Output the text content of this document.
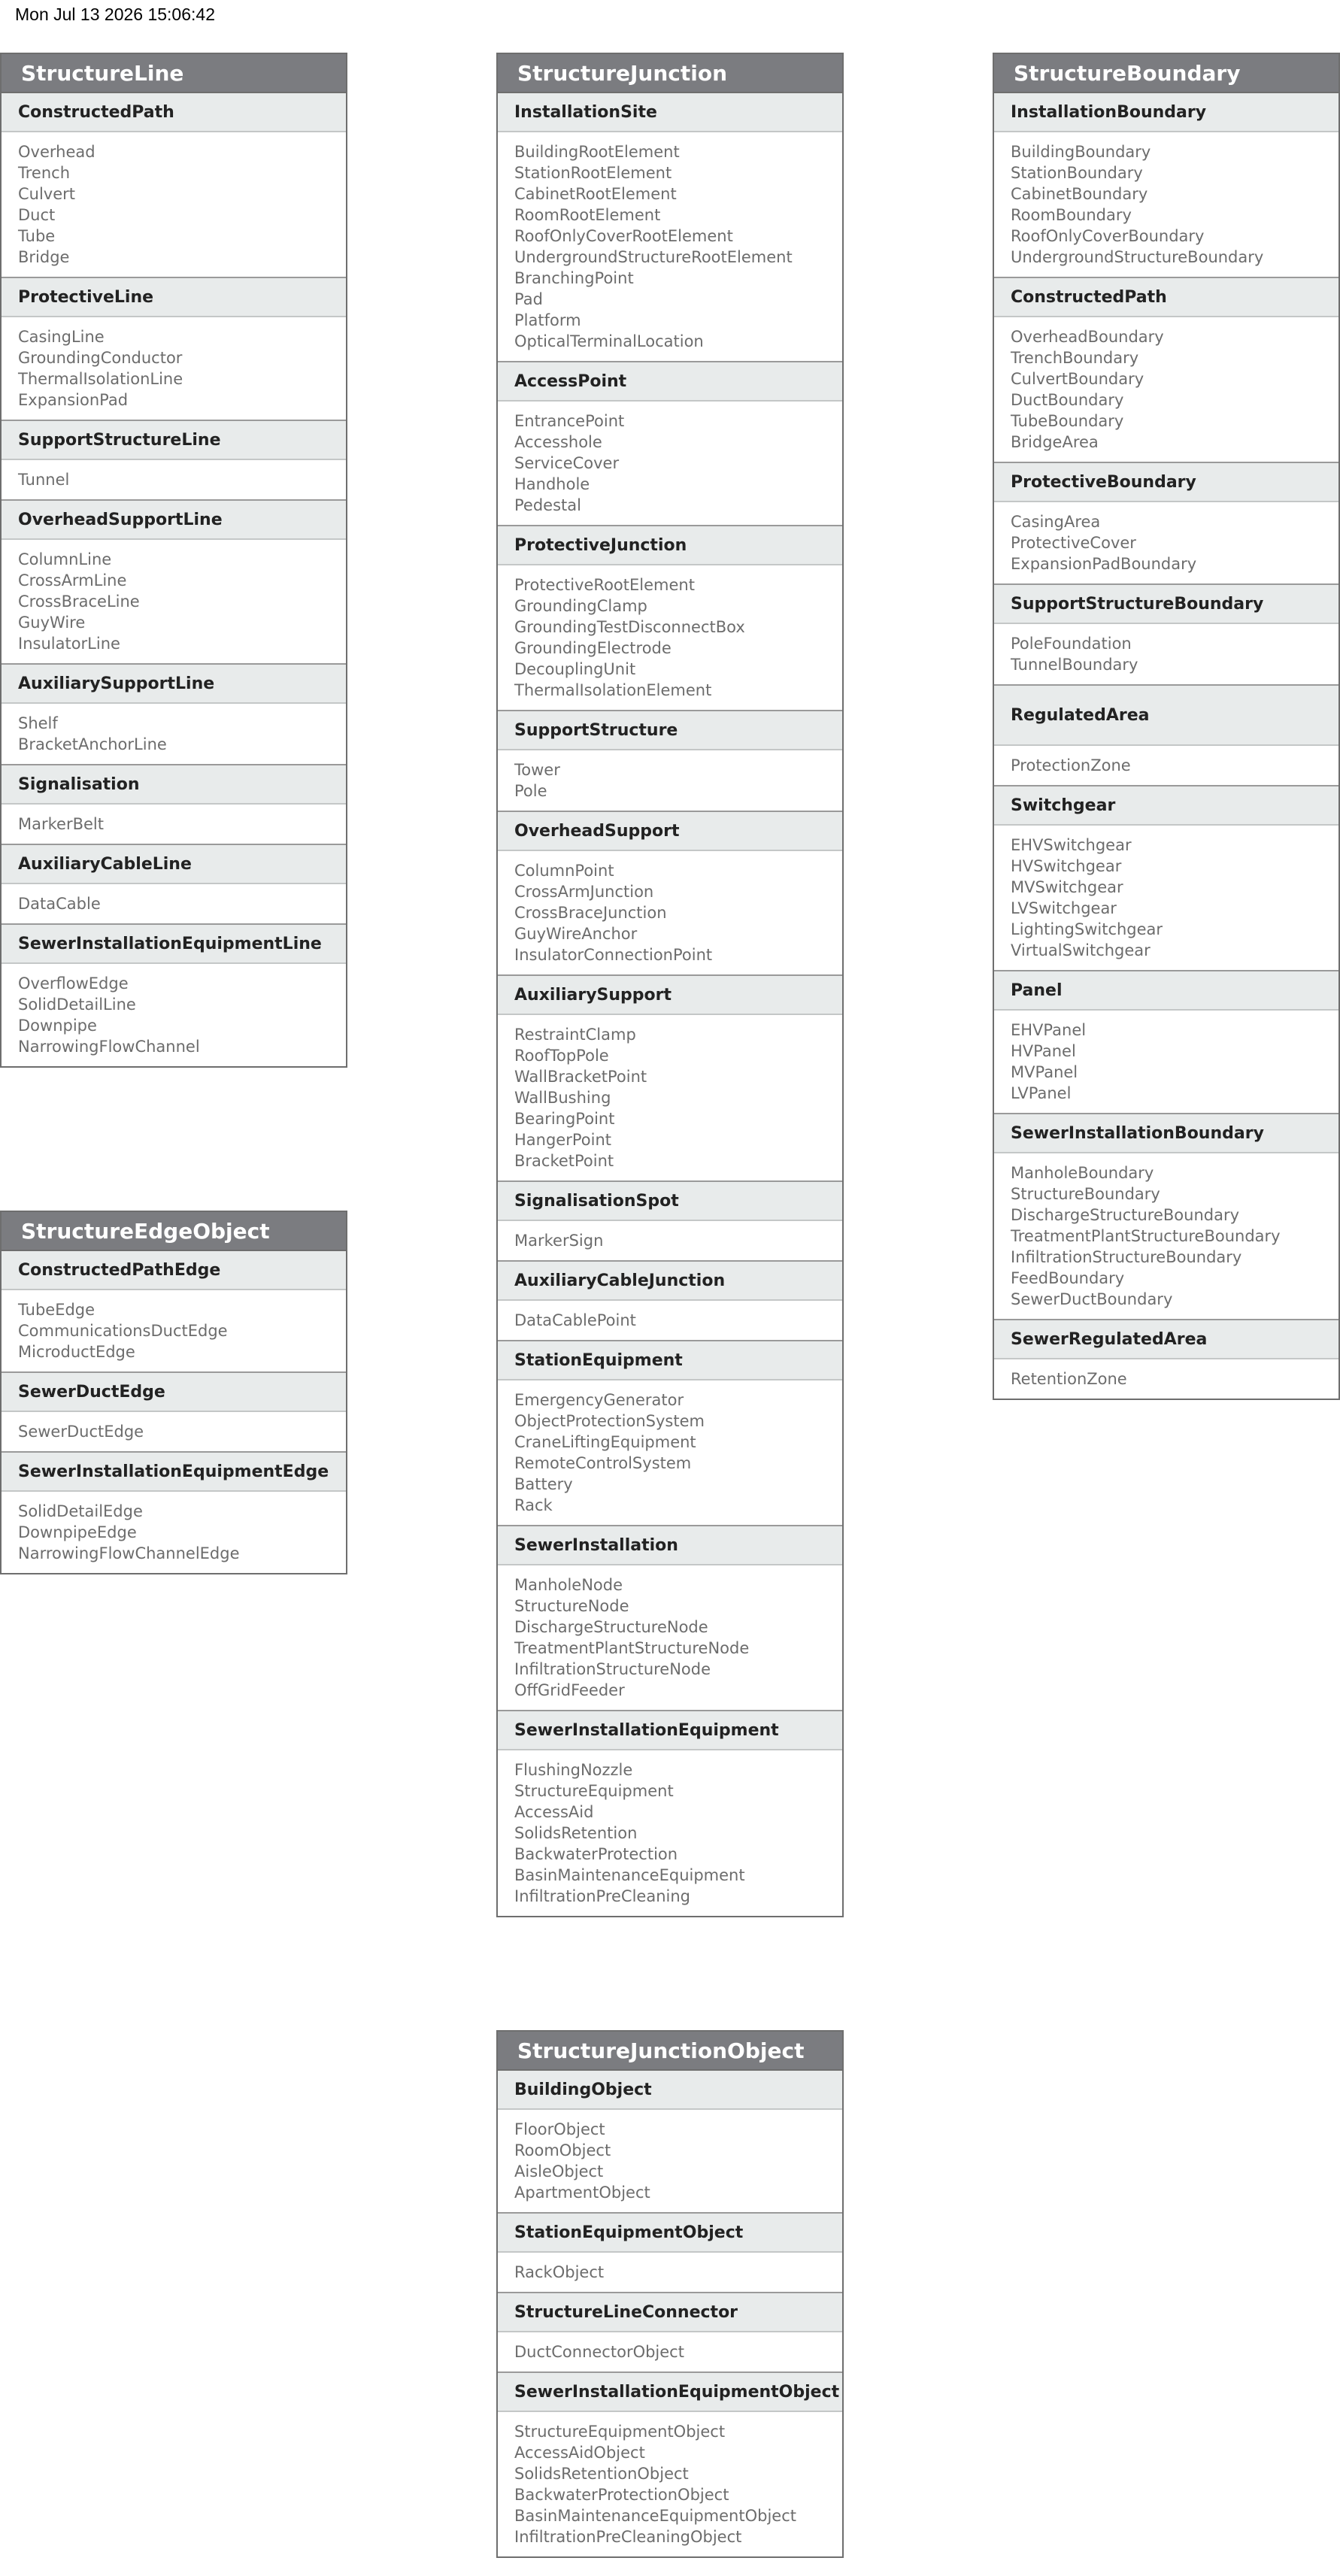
Mon Jul 13 2026 15:06:42
StructureLine
ConstructedPath
Overhead
Trench
Culvert
Duct
Tube
Bridge
ProtectiveLine
CasingLine
GroundingConductor
ThermalIsolationLine
ExpansionPad
SupportStructureLine
Tunnel
OverheadSupportLine
ColumnLine
CrossArmLine
CrossBraceLine
GuyWire
InsulatorLine
AuxiliarySupportLine
Shelf
BracketAnchorLine
Signalisation
MarkerBelt
AuxiliaryCableLine
DataCable
SewerInstallationEquipmentLine
OverflowEdge
SolidDetailLine
Downpipe
NarrowingFlowChannel
StructureEdgeObject
ConstructedPathEdge
TubeEdge
CommunicationsDuctEdge
MicroductEdge
SewerDuctEdge
SewerDuctEdge
SewerInstallationEquipmentEdge
SolidDetailEdge
DownpipeEdge
NarrowingFlowChannelEdge
StructureJunction
InstallationSite
BuildingRootElement
StationRootElement
CabinetRootElement
RoomRootElement
RoofOnlyCoverRootElement
UndergroundStructureRootElement
BranchingPoint
Pad
Platform
OpticalTerminalLocation
AccessPoint
EntrancePoint
Accesshole
ServiceCover
Handhole
Pedestal
ProtectiveJunction
ProtectiveRootElement
GroundingClamp
GroundingTestDisconnectBox
GroundingElectrode
DecouplingUnit
ThermalIsolationElement
SupportStructure
Tower
Pole
OverheadSupport
ColumnPoint
CrossArmJunction
CrossBraceJunction
GuyWireAnchor
InsulatorConnectionPoint
AuxiliarySupport
RestraintClamp
RoofTopPole
WallBracketPoint
WallBushing
BearingPoint
HangerPoint
BracketPoint
SignalisationSpot
MarkerSign
AuxiliaryCableJunction
DataCablePoint
StationEquipment
EmergencyGenerator
ObjectProtectionSystem
CraneLiftingEquipment
RemoteControlSystem
Battery
Rack
SewerInstallation
ManholeNode
StructureNode
DischargeStructureNode
TreatmentPlantStructureNode
InfiltrationStructureNode
OffGridFeeder
SewerInstallationEquipment
FlushingNozzle
StructureEquipment
AccessAid
SolidsRetention
BackwaterProtection
BasinMaintenanceEquipment
InfiltrationPreCleaning
StructureJunctionObject
BuildingObject
FloorObject
RoomObject
AisleObject
ApartmentObject
StationEquipmentObject
RackObject
StructureLineConnector
DuctConnectorObject
SewerInstallationEquipmentObject
StructureEquipmentObject
AccessAidObject
SolidsRetentionObject
BackwaterProtectionObject
BasinMaintenanceEquipmentObject
InfiltrationPreCleaningObject
StructureBoundary
InstallationBoundary
BuildingBoundary
StationBoundary
CabinetBoundary
RoomBoundary
RoofOnlyCoverBoundary
UndergroundStructureBoundary
ConstructedPath
OverheadBoundary
TrenchBoundary
CulvertBoundary
DuctBoundary
TubeBoundary
BridgeArea
ProtectiveBoundary
CasingArea
ProtectiveCover
ExpansionPadBoundary
SupportStructureBoundary
PoleFoundation
TunnelBoundary
RegulatedArea
ProtectionZone
Switchgear
EHVSwitchgear
HVSwitchgear
MVSwitchgear
LVSwitchgear
LightingSwitchgear
VirtualSwitchgear
Panel
EHVPanel
HVPanel
MVPanel
LVPanel
SewerInstallationBoundary
ManholeBoundary
StructureBoundary
DischargeStructureBoundary
TreatmentPlantStructureBoundary
InfiltrationStructureBoundary
FeedBoundary
SewerDuctBoundary
SewerRegulatedArea
RetentionZone
